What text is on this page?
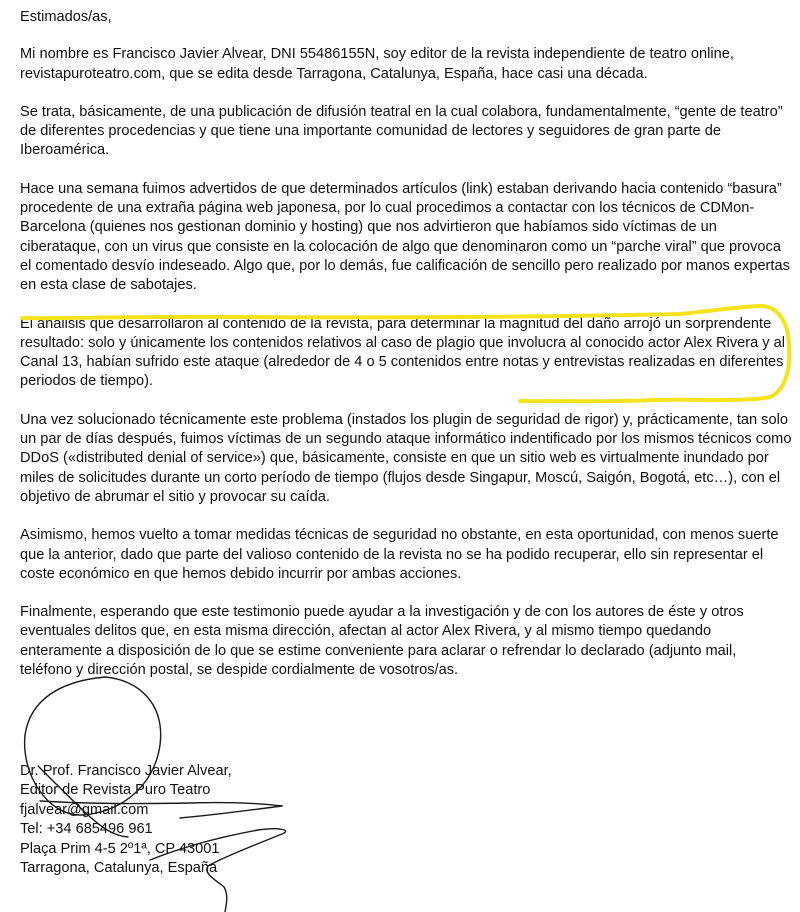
Estimados/as,

Mi nombre es Francisco Javier Alvear, DNI 55486155N, soy editor de la revista independiente de teatro online, revistapuroteatro.com, que se edita desde Tarragona, Catalunya, España, hace casi una década.

Se trata, básicamente, de una publicación de difusión teatral en la cual colabora, fundamentalmente, “gente de teatro” de diferentes procedencias y que tiene una importante comunidad de lectores y seguidores de gran parte de Iberoamérica.

Hace una semana fuimos advertidos de que determinados artículos (link) estaban derivando hacia contenido “basura” procedente de una extraña página web japonesa, por lo cual procedimos a contactar con los técnicos de CDMon-Barcelona (quienes nos gestionan dominio y hosting) que nos advirtieron que habíamos sido víctimas de un ciberataque, con un virus que consiste en la colocación de algo que denominaron como un “parche viral” que provoca el comentado desvío indeseado. Algo que, por lo demás, fue calificación de sencillo pero realizado por manos expertas en esta clase de sabotajes.

El análisis que desarrollaron al contenido de la revista, para determinar la magnitud del daño arrojó un sorprendente resultado: solo y únicamente los contenidos relativos al caso de plagio que involucra al conocido actor Alex Rivera y al Canal 13, habían sufrido este ataque (alrededor de 4 o 5 contenidos entre notas y entrevistas realizadas en diferentes periodos de tiempo).

Una vez solucionado técnicamente este problema (instados los plugin de seguridad de rigor) y, prácticamente, tan solo un par de días después, fuimos víctimas de un segundo ataque informático indentificado por los mismos técnicos como DDoS («distributed denial of service») que, básicamente, consiste en que un sitio web es virtualmente inundado por miles de solicitudes durante un corto período de tiempo (flujos desde Singapur, Moscú, Saigón, Bogotá, etc…), con el objetivo de abrumar el sitio y provocar su caída.

Asimismo, hemos vuelto a tomar medidas técnicas de seguridad no obstante, en esta oportunidad, con menos suerte que la anterior, dado que parte del valioso contenido de la revista no se ha podido recuperar, ello sin representar el coste económico en que hemos debido incurrir por ambas acciones.

Finalmente, esperando que este testimonio puede ayudar a la investigación y de con los autores de éste y otros eventuales delitos que, en esta misma dirección, afectan al actor Alex Rivera, y al mismo tiempo quedando enteramente a disposición de lo que se estime conveniente para aclarar o refrendar lo declarado (adjunto mail, teléfono y dirección postal, se despide cordialmente de vosotros/as.

Dr. Prof. Francisco Javier Alvear,
Editor de Revista Puro Teatro
fjalvear@gmail.com
Tel: +34 685496 961
Plaça Prim 4-5 2º1ª, CP 43001
Tarragona, Catalunya, España
